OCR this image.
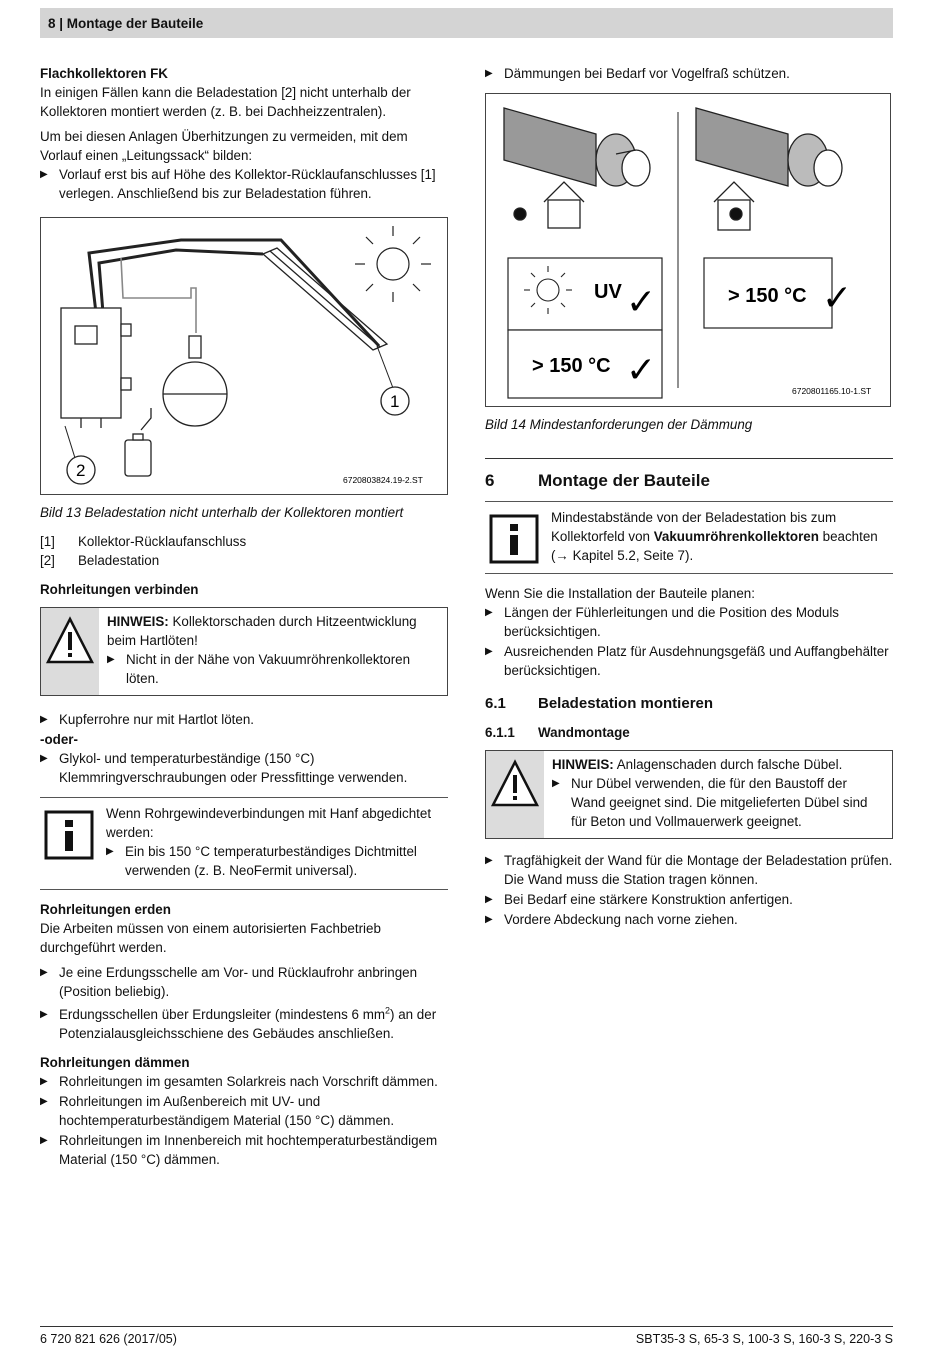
8 | Montage der Bauteile

Flachkollektoren FK

In einigen Fällen kann die Beladestation [2] nicht unterhalb der Kollektoren montiert werden (z. B. bei Dachheizzentralen).

Um bei diesen Anlagen Überhitzungen zu vermeiden, mit dem Vorlauf einen „Leitungssack“ bilden:

▶ Vorlauf erst bis auf Höhe des Kollektor-Rücklaufanschlusses [1] verlegen. Anschließend bis zur Beladestation führen.
1
2	6720803824.19-2.ST

Bild 13 Beladestation nicht unterhalb der Kollektoren montiert

[1] Kollektor-Rücklaufanschluss
[2] Beladestation

Rohrleitungen verbinden

HINWEIS: Kollektorschaden durch Hitzeentwicklung beim Hartlöten!

▶ Nicht in der Nähe von Vakuumröhrenkollektoren löten.
▶ Kupferrohre nur mit Hartlot löten.

-oder-

▶ Glykol- und temperaturbeständige (150 °C) Klemmringverschraubungen oder Pressfittinge verwenden.

Wenn Rohrgewindeverbindungen mit Hanf abgedichtet werden:

▶ Ein bis 150 °C temperaturbeständiges Dichtmittel verwenden (z. B. NeoFermit universal).

Rohrleitungen erden

Die Arbeiten müssen von einem autorisierten Fachbetrieb durchgeführt werden.

▶ Je eine Erdungsschelle am Vor- und Rücklaufrohr anbringen (Position beliebig).
▶ Erdungsschellen über Erdungsleiter (mindestens 6 $mm^2$) an der Potenzialausgleichsschiene des Gebäudes anschließen.

Rohrleitungen dämmen

▶ Rohrleitungen im gesamten Solarkreis nach Vorschrift dämmen.
▶ Rohrleitungen im Außenbereich mit UV- und hochtemperaturbeständigem Material (150 °C) dämmen.
▶ Rohrleitungen im Innenbereich mit hochtemperaturbeständigem Material (150 °C) dämmen.
▶ Dämmungen bei Bedarf vor Vogelfraß schützen.
UV ✓
> 150 °C ✓
> 150 °C ✓
6720801165.10-1.ST

Bild 14 Mindestanforderungen der Dämmung

6	Montage der Bauteile

Mindestabstände von der Beladestation bis zum Kollektorfeld von Vakuumröhrenkollektoren beachten (→ Kapitel 5.2, Seite 7).

Wenn Sie die Installation der Bauteile planen:

▶ Längen der Fühlerleitungen und die Position des Moduls berücksichtigen.
▶ Ausreichenden Platz für Ausdehnungsgefäß und Auffangbehälter berücksichtigen.
6.1	Beladestation montieren
6.1.1	Wandmontage

HINWEIS: Anlagenschaden durch falsche Dübel.

▶ Nur Dübel verwenden, die für den Baustoff der Wand geeignet sind. Die mitgelieferten Dübel sind für Beton und Vollmauerwerk geeignet.
▶ Tragfähigkeit der Wand für die Montage der Beladestation prüfen. Die Wand muss die Station tragen können.
▶ Bei Bedarf eine stärkere Konstruktion anfertigen.
▶ Vordere Abdeckung nach vorne ziehen.
6 720 821 626 (2017/05)	SBT35-3 S, 65-3 S, 100-3 S, 160-3 S, 220-3 S
